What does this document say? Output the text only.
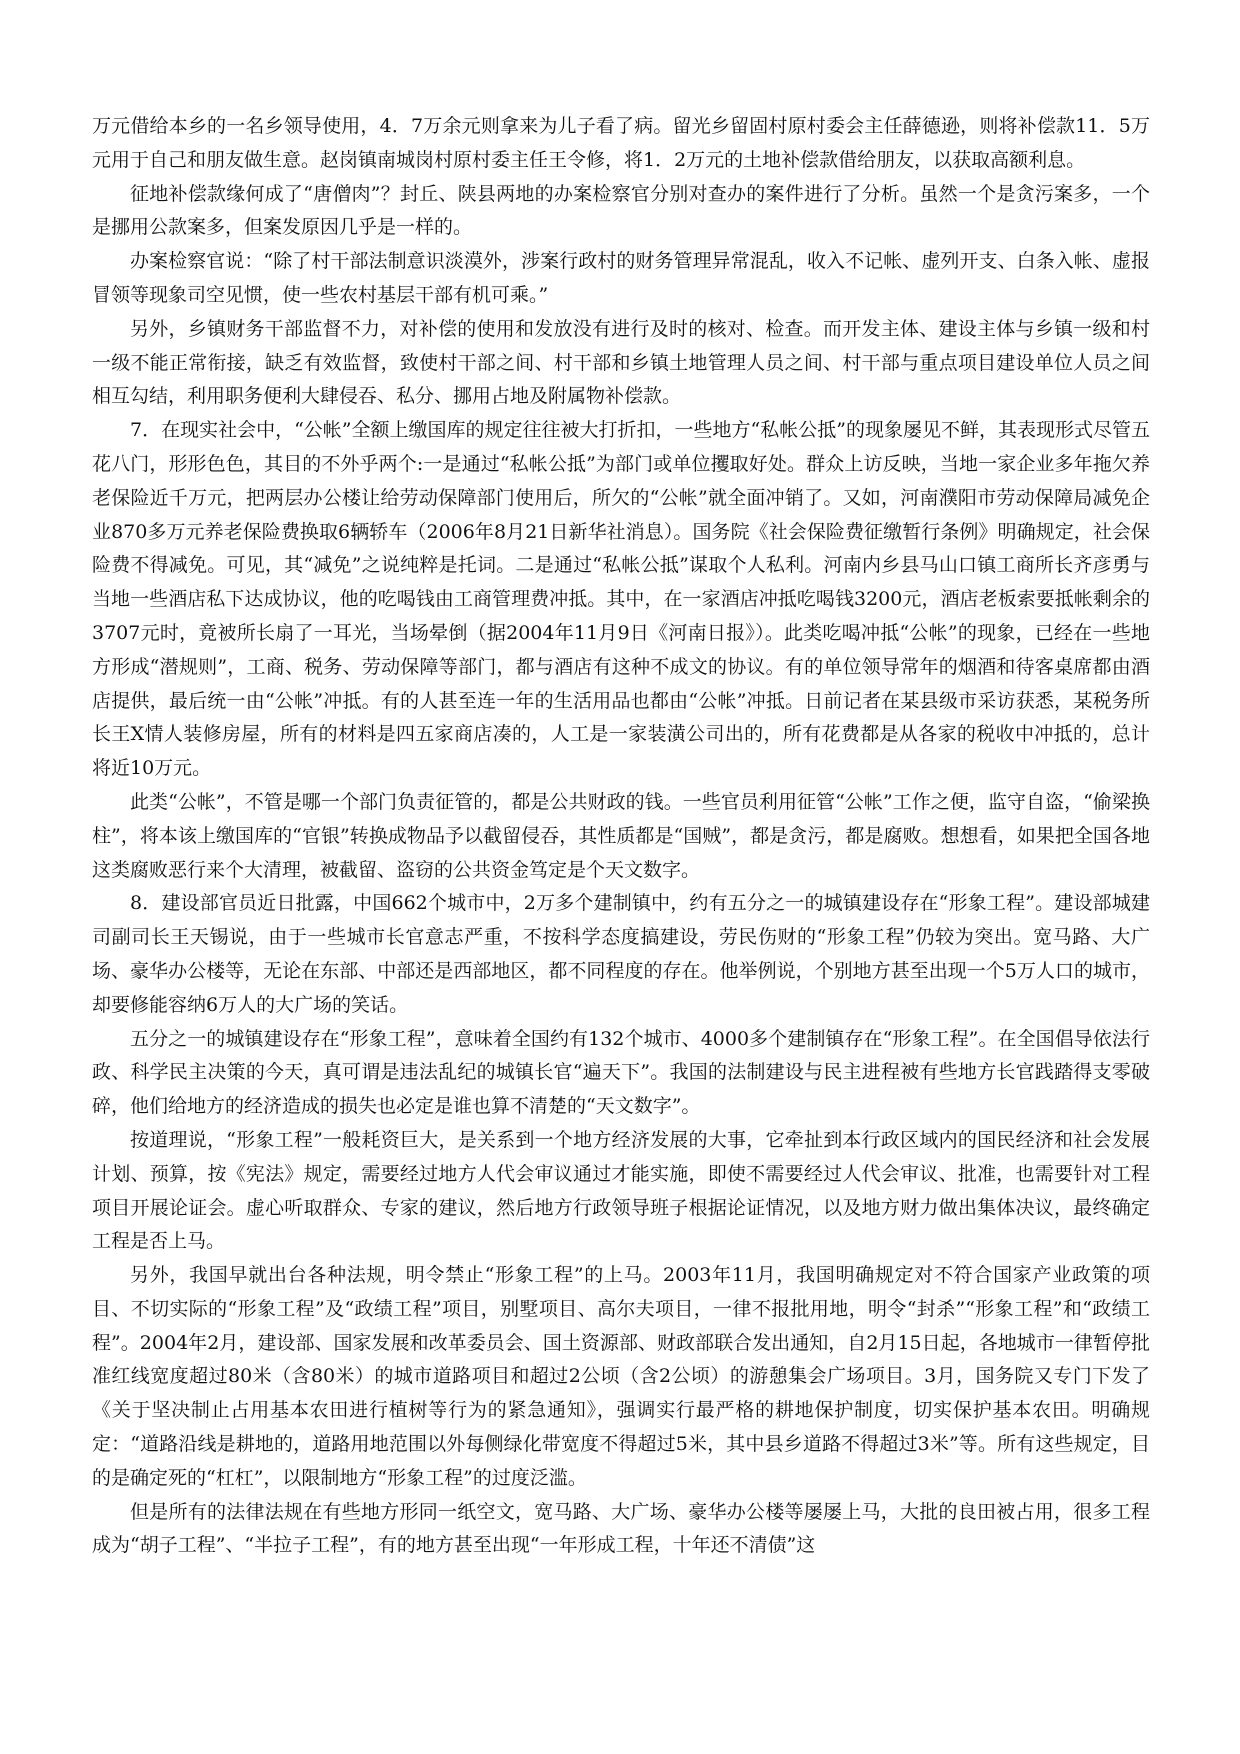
万元借给本乡的一名乡领导使用，4．7万余元则拿来为儿子看了病。留光乡留固村原村委会主任薛德逊，则将补偿款11．5万元用于自己和朋友做生意。赵岗镇南城岗村原村委主任王令修，将1．2万元的土地补偿款借给朋友，以获取高额利息。

征地补偿款缘何成了“唐僧肉”？封丘、陕县两地的办案检察官分别对查办的案件进行了分析。虽然一个是贪污案多，一个是挪用公款案多，但案发原因几乎是一样的。

办案检察官说：“除了村干部法制意识淡漠外，涉案行政村的财务管理异常混乱，收入不记帐、虚列开支、白条入帐、虚报冒领等现象司空见惯，使一些农村基层干部有机可乘。”

另外，乡镇财务干部监督不力，对补偿的使用和发放没有进行及时的核对、检查。而开发主体、建设主体与乡镇一级和村一级不能正常衔接，缺乏有效监督，致使村干部之间、村干部和乡镇土地管理人员之间、村干部与重点项目建设单位人员之间相互勾结，利用职务便利大肆侵吞、私分、挪用占地及附属物补偿款。

7．在现实社会中，“公帐”全额上缴国库的规定往往被大打折扣，一些地方“私帐公抵”的现象屡见不鲜，其表现形式尽管五花八门，形形色色，其目的不外乎两个:一是通过“私帐公抵”为部门或单位攫取好处。群众上访反映，当地一家企业多年拖欠养老保险近千万元，把两层办公楼让给劳动保障部门使用后，所欠的“公帐”就全面冲销了。又如，河南濮阳市劳动保障局减免企业870多万元养老保险费换取6辆轿车（2006年8月21日新华社消息）。国务院《社会保险费征缴暂行条例》明确规定，社会保险费不得减免。可见，其“减免”之说纯粹是托词。二是通过“私帐公抵”谋取个人私利。河南内乡县马山口镇工商所长齐彦勇与当地一些酒店私下达成协议，他的吃喝钱由工商管理费冲抵。其中，在一家酒店冲抵吃喝钱3200元，酒店老板索要抵帐剩余的3707元时，竟被所长扇了一耳光，当场晕倒（据2004年11月9日《河南日报》）。此类吃喝冲抵“公帐”的现象，已经在一些地方形成“潜规则”，工商、税务、劳动保障等部门，都与酒店有这种不成文的协议。有的单位领导常年的烟酒和待客桌席都由酒店提供，最后统一由“公帐”冲抵。有的人甚至连一年的生活用品也都由“公帐”冲抵。日前记者在某县级市采访获悉，某税务所长王X情人装修房屋，所有的材料是四五家商店凑的，人工是一家装潢公司出的，所有花费都是从各家的税收中冲抵的，总计将近10万元。

此类“公帐”，不管是哪一个部门负责征管的，都是公共财政的钱。一些官员利用征管“公帐”工作之便，监守自盗，“偷梁换柱”，将本该上缴国库的“官银”转换成物品予以截留侵吞，其性质都是“国贼”，都是贪污，都是腐败。想想看，如果把全国各地这类腐败恶行来个大清理，被截留、盗窃的公共资金笃定是个天文数字。

8．建设部官员近日批露，中国662个城市中，2万多个建制镇中，约有五分之一的城镇建设存在“形象工程”。建设部城建司副司长王天锡说，由于一些城市长官意志严重，不按科学态度搞建设，劳民伤财的“形象工程”仍较为突出。宽马路、大广场、豪华办公楼等，无论在东部、中部还是西部地区，都不同程度的存在。他举例说，个别地方甚至出现一个5万人口的城市，却要修能容纳6万人的大广场的笑话。

五分之一的城镇建设存在“形象工程”，意味着全国约有132个城市、4000多个建制镇存在“形象工程”。在全国倡导依法行政、科学民主决策的今天，真可谓是违法乱纪的城镇长官“遍天下”。我国的法制建设与民主进程被有些地方长官践踏得支零破碎，他们给地方的经济造成的损失也必定是谁也算不清楚的“天文数字”。

按道理说，“形象工程”一般耗资巨大，是关系到一个地方经济发展的大事，它牵扯到本行政区域内的国民经济和社会发展计划、预算，按《宪法》规定，需要经过地方人代会审议通过才能实施，即使不需要经过人代会审议、批准，也需要针对工程项目开展论证会。虚心听取群众、专家的建议，然后地方行政领导班子根据论证情况，以及地方财力做出集体决议，最终确定工程是否上马。

另外，我国早就出台各种法规，明令禁止“形象工程”的上马。2003年11月，我国明确规定对不符合国家产业政策的项目、不切实际的“形象工程”及“政绩工程”项目，别墅项目、高尔夫项目，一律不报批用地，明令“封杀”“形象工程”和“政绩工程”。2004年2月，建设部、国家发展和改革委员会、国土资源部、财政部联合发出通知，自2月15日起，各地城市一律暂停批准红线宽度超过80米（含80米）的城市道路项目和超过2公顷（含2公顷）的游憩集会广场项目。3月，国务院又专门下发了《关于坚决制止占用基本农田进行植树等行为的紧急通知》，强调实行最严格的耕地保护制度，切实保护基本农田。明确规定：“道路沿线是耕地的，道路用地范围以外每侧绿化带宽度不得超过5米，其中县乡道路不得超过3米”等。所有这些规定，目的是确定死的“杠杠”，以限制地方“形象工程”的过度泛滥。

但是所有的法律法规在有些地方形同一纸空文，宽马路、大广场、豪华办公楼等屡屡上马，大批的良田被占用，很多工程成为“胡子工程”、“半拉子工程”，有的地方甚至出现“一年形成工程，十年还不清债”这
